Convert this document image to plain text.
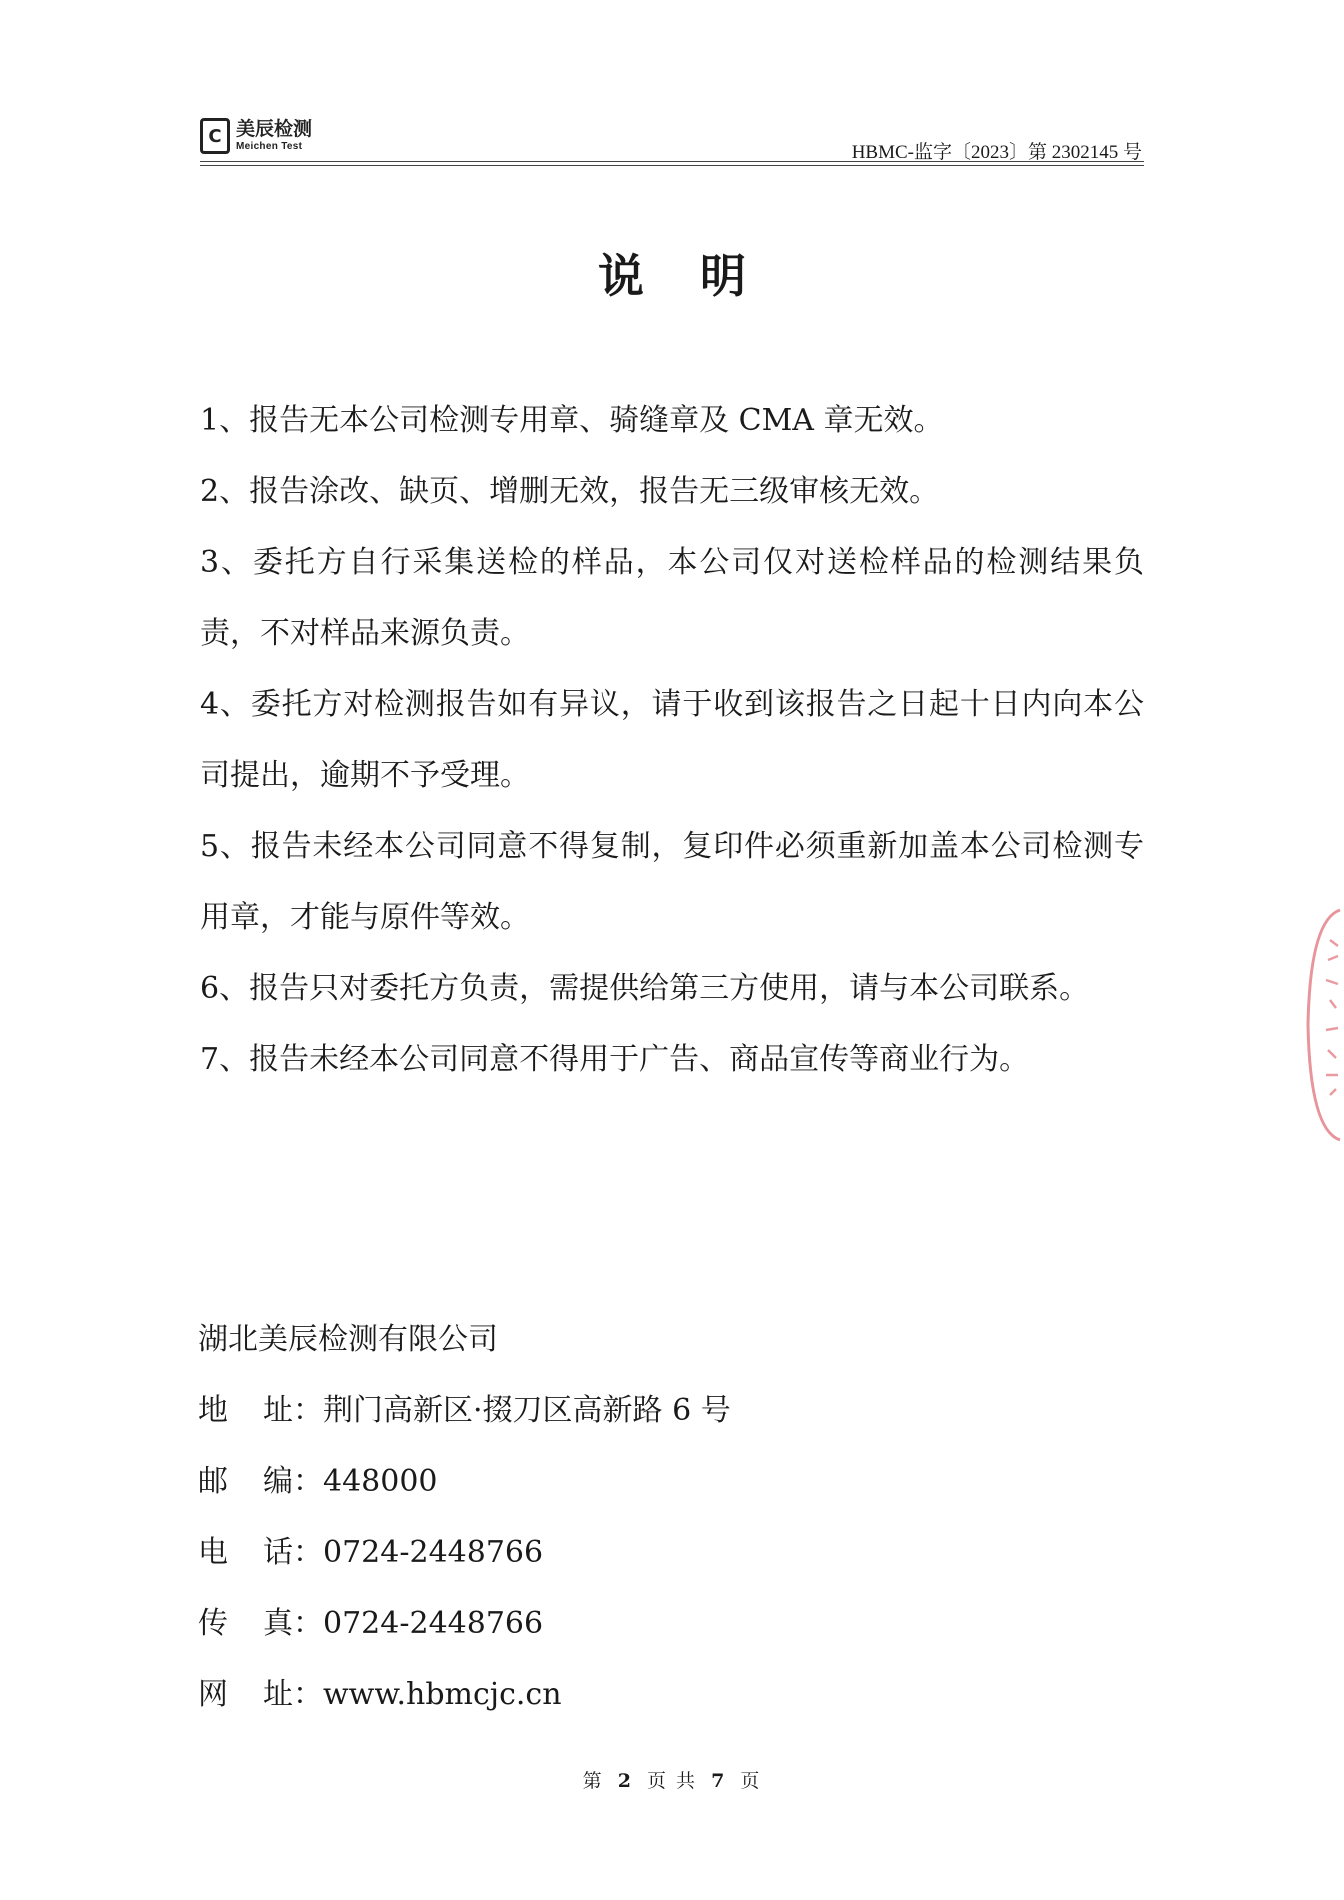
C 美辰检测
Meichen Test	HBMC-监字〔2023〕第 2302145 号
说明
1、报告无本公司检测专用章、骑缝章及 CMA 章无效。
2、报告涂改、缺页、增删无效，报告无三级审核无效。
3、委托方自行采集送检的样品，本公司仅对送检样品的检测结果负责，不对样品来源负责。
4、委托方对检测报告如有异议，请于收到该报告之日起十日内向本公司提出，逾期不予受理。
5、报告未经本公司同意不得复制，复印件必须重新加盖本公司检测专用章，才能与原件等效。
6、报告只对委托方负责，需提供给第三方使用，请与本公司联系。
7、报告未经本公司同意不得用于广告、商品宣传等商业行为。
湖北美辰检测有限公司
地 址： 荆门高新区·掇刀区高新路 6 号
邮 编： 448000
电 话： 0724-2448766
传 真： 0724-2448766
网 址： www.hbmcjc.cn
第 2 页 共 7 页
